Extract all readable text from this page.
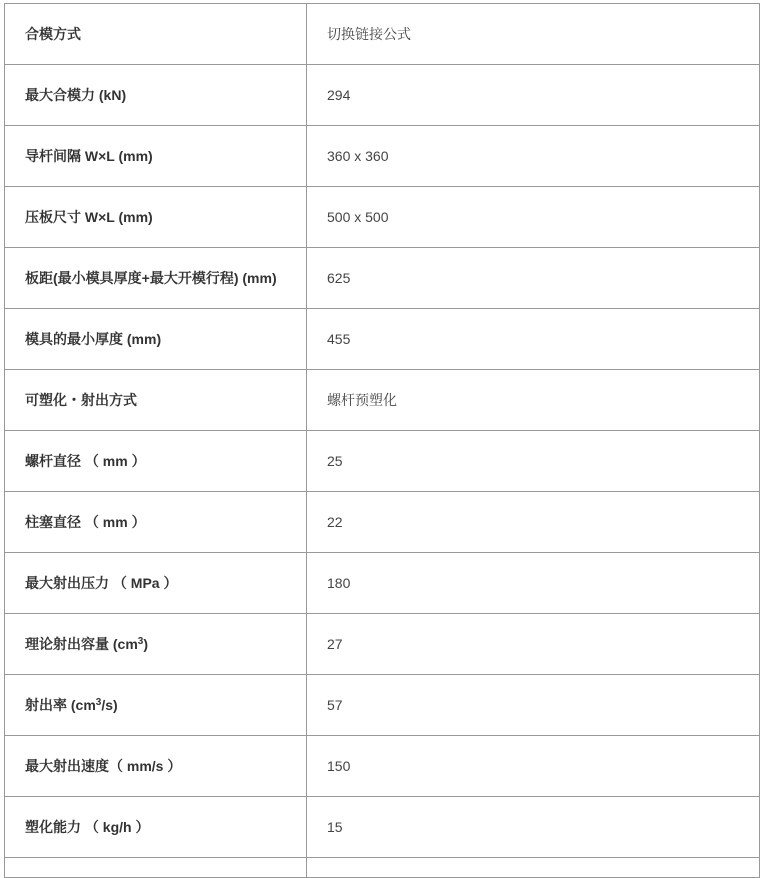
合模方式	切换链接公式
最大合模力 (kN)	294
导杆间隔 W×L (mm)	360 x 360
压板尺寸 W×L (mm)	500 x 500
板距(最小模具厚度+最大开模行程) (mm)	625
模具的最小厚度 (mm)	455
可塑化・射出方式	螺杆预塑化
螺杆直径 （ mm ）	25
柱塞直径 （ mm ）	22
最大射出压力 （ MPa ）	180
理论射出容量 $(cm^3)$	27
射出率 $(cm^3/s)$	57
最大射出速度（ mm/s ）	150
塑化能力 （ kg/h ）	15
